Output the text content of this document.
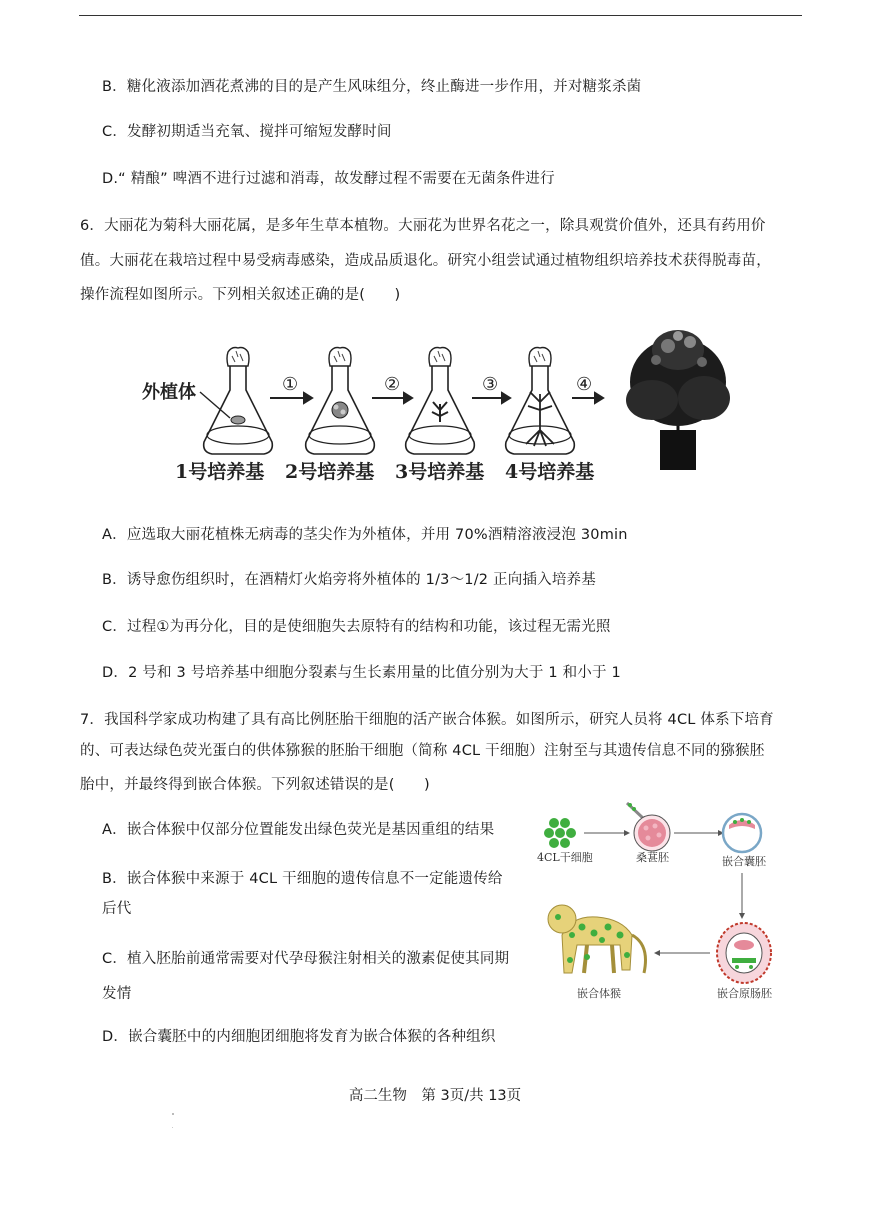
B．糖化液添加酒花煮沸的目的是产生风味组分，终止酶进一步作用，并对糖浆杀菌
C．发酵初期适当充氧、搅拌可缩短发酵时间
D.“ 精酿” 啤酒不进行过滤和消毒，故发酵过程不需要在无菌条件进行
6．大丽花为菊科大丽花属，是多年生草本植物。大丽花为世界名花之一，除具观赏价值外，还具有药用价
值。大丽花在栽培过程中易受病毒感染，造成品质退化。研究小组尝试通过植物组织培养技术获得脱毒苗，
操作流程如图所示。下列相关叙述正确的是(　　)
外植体	①	②	③	④
1号培养基 2号培养基 3号培养基 4号培养基
A．应选取大丽花植株无病毒的茎尖作为外植体，并用 70%酒精溶液浸泡 30min
B．诱导愈伤组织时，在酒精灯火焰旁将外植体的 1/3～1/2 正向插入培养基
C．过程①为再分化，目的是使细胞失去原特有的结构和功能，该过程无需光照
D．2 号和 3 号培养基中细胞分裂素与生长素用量的比值分别为大于 1 和小于 1
7．我国科学家成功构建了具有高比例胚胎干细胞的活产嵌合体猴。如图所示，研究人员将 4CL 体系下培育
的、可表达绿色荧光蛋白的供体猕猴的胚胎干细胞（简称 4CL 干细胞）注射至与其遗传信息不同的猕猴胚
胎中，并最终得到嵌合体猴。下列叙述错误的是(　　)
A．嵌合体猴中仅部分位置能发出绿色荧光是基因重组的结果
B．嵌合体猴中来源于 4CL 干细胞的遗传信息不一定能遗传给
后代
C．植入胚胎前通常需要对代孕母猴注射相关的激素促使其同期
发情
D．嵌合囊胚中的内细胞团细胞将发育为嵌合体猴的各种组织
4CL干细胞	桑葚胚	嵌合囊胚
嵌合原肠胚
嵌合体猴
高二生物　第 3页/共 13页
